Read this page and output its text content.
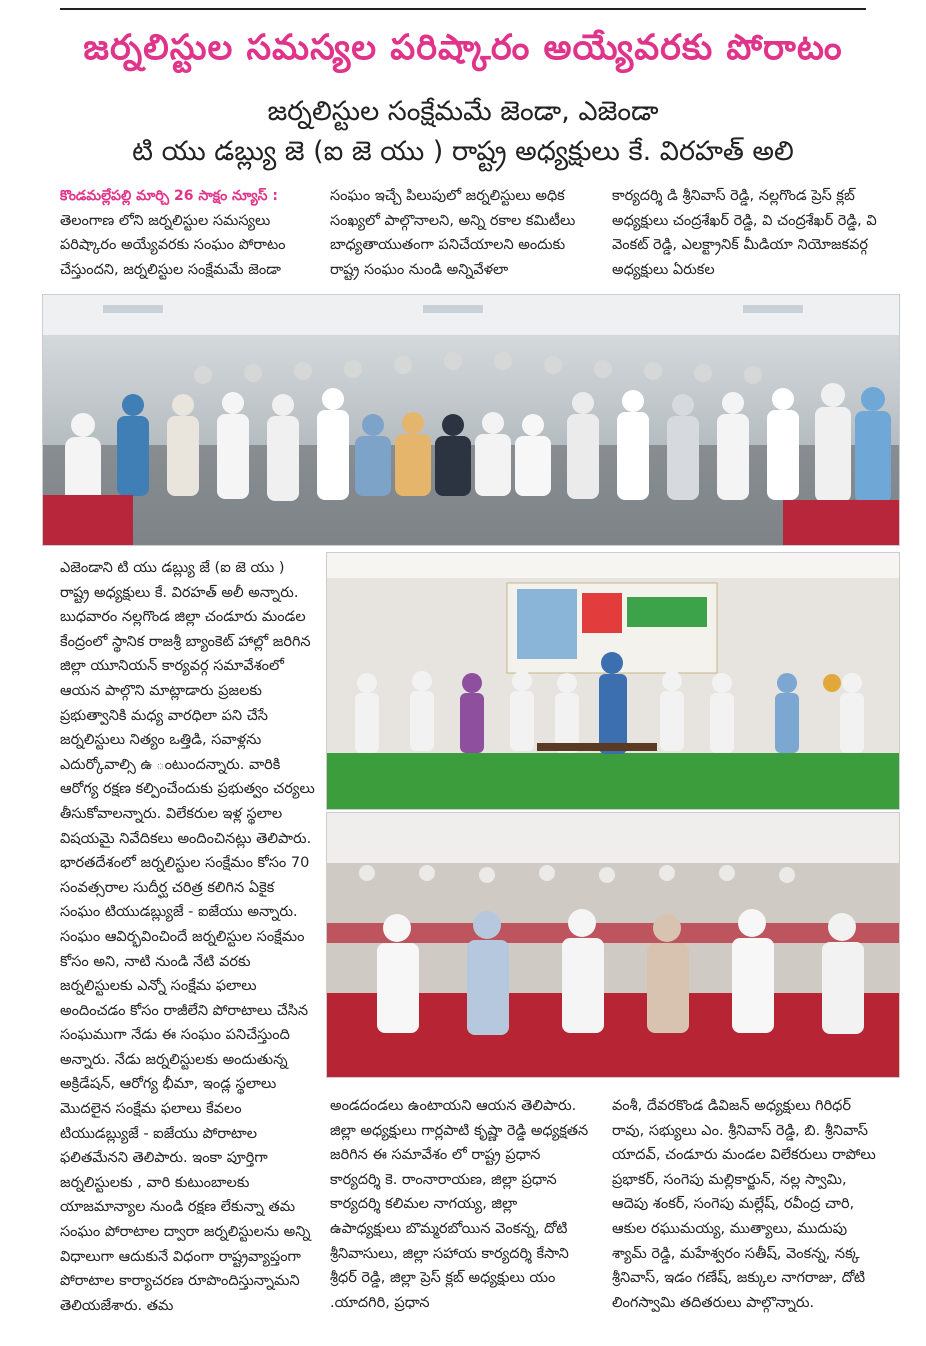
జర్నలిస్టుల సమస్యల పరిష్కారం అయ్యేవరకు పోరాటం
జర్నలిస్టుల సంక్షేమమే జెండా, ఎజెండా
టి యు డబ్ల్యు జె (ఐ జె యు ) రాష్ట్ర అధ్యక్షులు కే. విరహత్ అలి
కొండమల్లేపల్లి మార్చి 26 సాక్షం న్యూస్ :

తెలంగాణ లోని జర్నలిస్టుల సమస్యలు పరిష్కారం అయ్యేవరకు సంఘం పోరాటం చేస్తుందని, జర్నలిస్టుల సంక్షేమమే జెండా

సంఘం ఇచ్చే పిలుపులో జర్నలిస్టులు అధిక సంఖ్యలో పాల్గొనాలని, అన్ని రకాల కమిటీలు బాధ్యతాయుతంగా పనిచేయాలని అందుకు రాష్ట్ర సంఘం నుండి అన్నివేళలా

కార్యదర్శి డి శ్రీనివాస్ రెడ్డి, నల్లగొండ ప్రెస్ క్లబ్ అధ్యక్షులు చంద్రశేఖర్ రెడ్డి, వి చంద్రశేఖర్ రెడ్డి, వి వెంకట్ రెడ్డి, ఎలక్ట్రానిక్ మీడియా నియోజకవర్గ అధ్యక్షులు ఏరుకల

ఎజెండాని టి యు డబ్ల్యు జే (ఐ జె యు ) రాష్ట్ర అధ్యక్షులు కే. విరహత్ అలీ అన్నారు. బుధవారం నల్లగొండ జిల్లా చండూరు మండల కేంద్రంలో స్థానిక రాజశ్రీ బ్యాంకెట్ హాల్లో జరిగిన జిల్లా యూనియన్ కార్యవర్గ సమావేశంలో ఆయన పాల్గొని మాట్లాడారు ప్రజలకు ప్రభుత్వానికి మధ్య వారధిలా పని చేసే జర్నలిస్టులు నిత్యం ఒత్తిడి, సవాళ్లను ఎదుర్కోవాల్సి ఉ ంటుందన్నారు. వారికి ఆరోగ్య రక్షణ కల్పించేందుకు ప్రభుత్వం చర్యలు తీసుకోవాలన్నారు. విలేకరుల ఇళ్ల స్థలాల విషయమై నివేదికలు అందించినట్లు తెలిపారు. భారతదేశంలో జర్నలిస్టుల సంక్షేమం కోసం 70 సంవత్సరాల సుదీర్ఘ చరిత్ర కలిగిన ఏకైక సంఘం టియుడబ్ల్యుజే - ఐజేయు అన్నారు. సంఘం ఆవిర్భవించిందే జర్నలిస్టుల సంక్షేమం కోసం అని, నాటి నుండి నేటి వరకు జర్నలిస్టులకు ఎన్నో సంక్షేమ ఫలాలు అందించడం కోసం రాజీలేని పోరాటాలు చేసిన సంఘముగా నేడు ఈ సంఘం పనిచేస్తుంది అన్నారు. నేడు జర్నలిస్టులకు అందుతున్న అక్రిడేషన్, ఆరోగ్య భీమా, ఇండ్ల స్థలాలు మొదలైన సంక్షేమ ఫలాలు కేవలం టియుడబ్ల్యుజే - ఐజేయు పోరాటాల ఫలితమేనని తెలిపారు. ఇంకా పూర్తిగా జర్నలిస్టులకు , వారి కుటుంబాలకు యాజమాన్యాల నుండి రక్షణ లేకున్నా తమ సంఘం పోరాటాల ద్వారా జర్నలిస్టులను అన్ని విధాలుగా ఆదుకునే విధంగా రాష్ట్రవ్యాప్తంగా పోరాటాల కార్యాచరణ రూపొందిస్తున్నామని తెలియజేశారు. తమ

అండదండలు ఉంటాయని ఆయన తెలిపారు. జిల్లా అధ్యక్షులు గార్లపాటి కృష్ణా రెడ్డి అధ్యక్షతన జరిగిన ఈ సమావేశం లో రాష్ట్ర ప్రధాన కార్యదర్శి కె. రాంనారాయణ, జిల్లా ప్రధాన కార్యదర్శి కలిమల నాగయ్య, జిల్లా ఉపాధ్యక్షులు బొమ్మరబోయిన వెంకన్న, దోటి శ్రీనివాసులు, జిల్లా సహాయ కార్యదర్శి కేసాని శ్రీధర్ రెడ్డి, జిల్లా ప్రెస్ క్లబ్ అధ్యక్షులు యం .యాదగిరి, ప్రధాన

వంశీ, దేవరకొండ డివిజన్ అధ్యక్షులు గిరిధర్ రావు, సభ్యులు ఎం. శ్రీనివాస్ రెడ్డి, బి. శ్రీనివాస్ యాదవ్, చండూరు మండల విలేకరులు రాపోలు ప్రభాకర్, సంగెపు మల్లికార్జున్, నల్ల స్వామి, ఆదెపు శంకర్, సంగెపు మల్లేష్, రవీంద్ర చారి, ఆకుల రఘుమయ్య, ముత్యాలు, ముదుపు శ్యామ్ రెడ్డి, మహేశ్వరం సతీష్, వెంకన్న, నక్క శ్రీనివాస్, ఇడం గణేష్, జక్కుల నాగరాజు, దోటి లింగస్వామి తదితరులు పాల్గొన్నారు.
